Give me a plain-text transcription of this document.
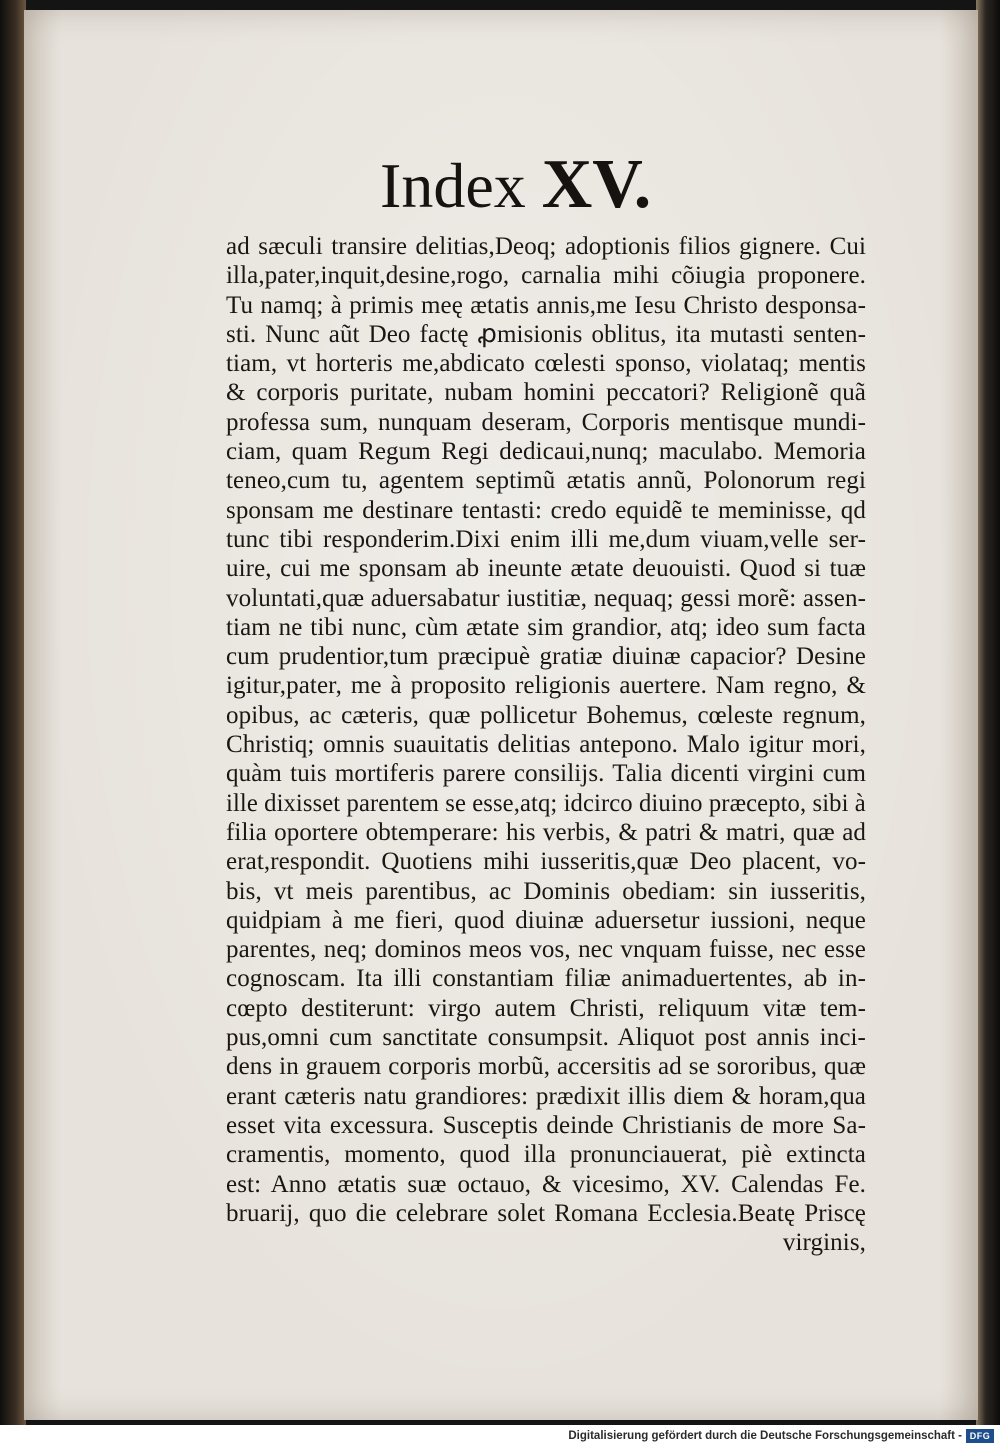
Index XV.
ad sæculi transire delitias,Deoq; adoptionis filios gignere. Cui
illa,pater,inquit,desine,rogo, carnalia mihi cõiugia proponere.
Tu namq; à primis meę ætatis annis,me Iesu Christo desponsa-
sti. Nunc aũt Deo factę ꝓmisionis oblitus, ita mutasti senten-
tiam, vt horteris me,abdicato cœlesti sponso, violataq; mentis
& corporis puritate, nubam homini peccatori? Religionẽ quã
professa sum, nunquam deseram, Corporis mentisque mundi-
ciam, quam Regum Regi dedicaui,nunq; maculabo. Memoria
teneo,cum tu, agentem septimũ ætatis annũ, Polonorum regi
sponsam me destinare tentasti: credo equidẽ te meminisse, qd
tunc tibi responderim.Dixi enim illi me,dum viuam,velle ser-
uire, cui me sponsam ab ineunte ætate deuouisti. Quod si tuæ
voluntati,quæ aduersabatur iustitiæ, nequaq; gessi morẽ: assen-
tiam ne tibi nunc, cùm ætate sim grandior, atq; ideo sum facta
cum prudentior,tum præcipuè gratiæ diuinæ capacior? Desine
igitur,pater, me à proposito religionis auertere. Nam regno, &
opibus, ac cæteris, quæ pollicetur Bohemus, cœleste regnum,
Christiq; omnis suauitatis delitias antepono. Malo igitur mori,
quàm tuis mortiferis parere consilijs. Talia dicenti virgini cum
ille dixisset parentem se esse,atq; idcirco diuino præcepto, sibi à
filia oportere obtemperare: his verbis, & patri & matri, quæ ad
erat,respondit. Quotiens mihi iusseritis,quæ Deo placent, vo-
bis, vt meis parentibus, ac Dominis obediam: sin iusseritis,
quidpiam à me fieri, quod diuinæ aduersetur iussioni, neque
parentes, neq; dominos meos vos, nec vnquam fuisse, nec esse
cognoscam. Ita illi constantiam filiæ animaduertentes, ab in-
cœpto destiterunt: virgo autem Christi, reliquum vitæ tem-
pus,omni cum sanctitate consumpsit. Aliquot post annis inci-
dens in grauem corporis morbũ, accersitis ad se sororibus, quæ
erant cæteris natu grandiores: prædixit illis diem & horam,qua
esset vita excessura. Susceptis deinde Christianis de more Sa-
cramentis, momento, quod illa pronunciauerat, piè extincta
est: Anno ætatis suæ octauo, & vicesimo, XV. Calendas Fe.
bruarij, quo die celebrare solet Romana Ecclesia.Beatę Priscę
virginis,
Digitalisierung gefördert durch die Deutsche Forschungsgemeinschaft - DFG
